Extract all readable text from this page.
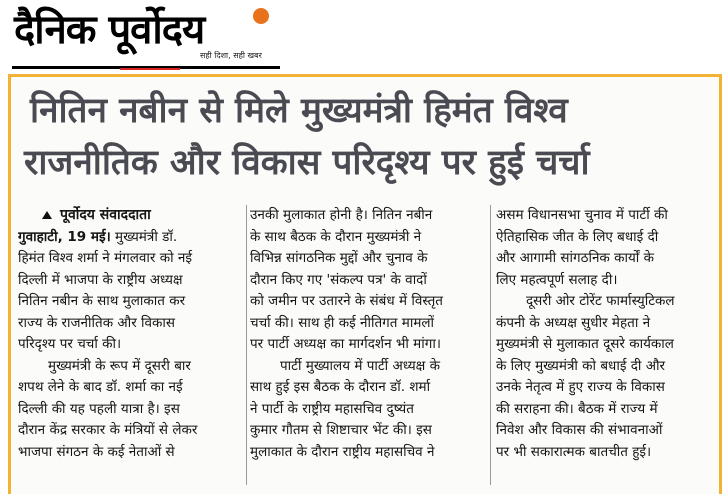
दैनिक पूर्वोदय
सही दिशा, सही खबर
नितिन नबीन से मिले मुख्यमंत्री हिमंत विश्व
राजनीतिक और विकास परिदृश्य पर हुई चर्चा
पूर्वोदय संवाददाता
गुवाहाटी, 19 मई। मुख्यमंत्री डॉ.
हिमंत विश्व शर्मा ने मंगलवार को नई
दिल्ली में भाजपा के राष्ट्रीय अध्यक्ष
नितिन नबीन के साथ मुलाकात कर
राज्य के राजनीतिक और विकास
परिदृश्य पर चर्चा की।
मुख्यमंत्री के रूप में दूसरी बार
शपथ लेने के बाद डॉ. शर्मा का नई
दिल्ली की यह पहली यात्रा है। इस
दौरान केंद्र सरकार के मंत्रियों से लेकर
भाजपा संगठन के कई नेताओं से
उनकी मुलाकात होनी है। नितिन नबीन
के साथ बैठक के दौरान मुख्यमंत्री ने
विभिन्न सांगठनिक मुद्दों और चुनाव के
दौरान किए गए 'संकल्प पत्र' के वादों
को जमीन पर उतारने के संबंध में विस्तृत
चर्चा की। साथ ही कई नीतिगत मामलों
पर पार्टी अध्यक्ष का मार्गदर्शन भी मांगा।
पार्टी मुख्यालय में पार्टी अध्यक्ष के
साथ हुई इस बैठक के दौरान डॉ. शर्मा
ने पार्टी के राष्ट्रीय महासचिव दुष्यंत
कुमार गौतम से शिष्टाचार भेंट की। इस
मुलाकात के दौरान राष्ट्रीय महासचिव ने
असम विधानसभा चुनाव में पार्टी की
ऐतिहासिक जीत के लिए बधाई दी
और आगामी सांगठनिक कार्यों के
लिए महत्वपूर्ण सलाह दी।
दूसरी ओर टोरेंट फार्मास्युटिकल
कंपनी के अध्यक्ष सुधीर मेहता ने
मुख्यमंत्री से मुलाकात दूसरे कार्यकाल
के लिए मुख्यमंत्री को बधाई दी और
उनके नेतृत्व में हुए राज्य के विकास
की सराहना की। बैठक में राज्य में
निवेश और विकास की संभावनाओं
पर भी सकारात्मक बातचीत हुई।
